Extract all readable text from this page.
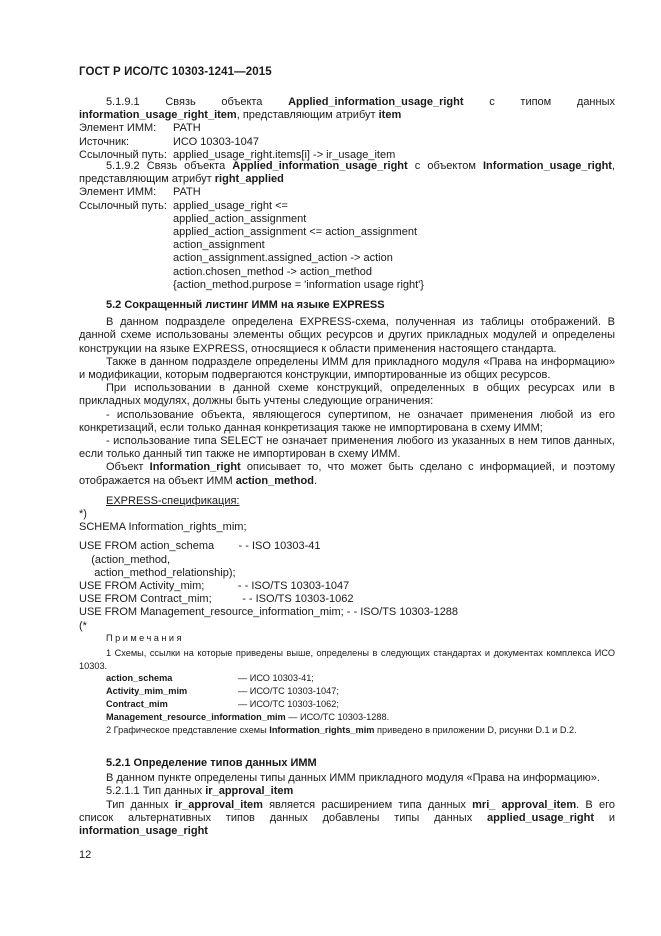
ГОСТ Р ИСО/ТС 10303-1241—2015

5.1.9.1 Связь объекта Applied_information_usage_right с типом данных information_usage_right_item, представляющим атрибут item

Элемент ИММ:	PATH
Источник:	ИСО 10303-1047
Ссылочный путь: applied_usage_right.items[i] -> ir_usage_item

5.1.9.2 Связь объекта Applied_information_usage_right с объектом Information_usage_right, представляющим атрибут right_applied

Элемент ИММ:	PATH
Ссылочный путь: applied_usage_right <=

applied_action_assignment

applied_action_assignment <= action_assignment

action_assignment

action_assignment.assigned_action -> action

action.chosen_method -> action_method

{action_method.purpose = 'information usage right'}

5.2 Сокращенный листинг ИММ на языке EXPRESS

В данном подразделе определена EXPRESS-схема, полученная из таблицы отображений. В данной схеме использованы элементы общих ресурсов и других прикладных модулей и определены конструкции на языке EXPRESS, относящиеся к области применения настоящего стандарта.

Также в данном подразделе определены ИММ для прикладного модуля «Права на информацию» и модификации, которым подвергаются конструкции, импортированные из общих ресурсов.

При использовании в данной схеме конструкций, определенных в общих ресурсах или в прикладных модулях, должны быть учтены следующие ограничения:

- использование объекта, являющегося супертипом, не означает применения любой из его конкретизаций, если только данная конкретизация также не импортирована в схему ИММ;

- использование типа SELECT не означает применения любого из указанных в нем типов данных, если только данный тип также не импортирован в схему ИММ.

Объект Information_right описывает то, что может быть сделано с информацией, и поэтому отображается на объект ИММ action_method.

EXPRESS-спецификация:

*)

SCHEMA Information_rights_mim;

USE FROM action_schema        - - ISO 10303-41

(action_method,

action_method_relationship);

USE FROM Activity_mim;           - - ISO/TS 10303-1047

USE FROM Contract_mim;          - - ISO/TS 10303-1062

USE FROM Management_resource_information_mim; - - ISO/TS 10303-1288

(*

Примечания

1 Схемы, ссылки на которые приведены выше, определены в следующих стандартах и документах комплекса ИСО 10303.

action_schema	— ИСО 10303-41;
Activity_mim_mim	— ИСО/ТС 10303-1047;
Contract_mim	— ИСО/ТС 10303-1062;
Management_resource_information_mim
— ИСО/ТС 10303-1288.

2 Графическое представление схемы Information_rights_mim приведено в приложении D, рисунки D.1 и D.2.

5.2.1 Определение типов данных ИММ

В данном пункте определены типы данных ИММ прикладного модуля «Права на информацию».

5.2.1.1 Тип данных ir_approval_item

Тип данных ir_approval_item является расширением типа данных mri_ approval_item. В его список альтернативных типов данных добавлены типы данных applied_usage_right и information_usage_right

12
